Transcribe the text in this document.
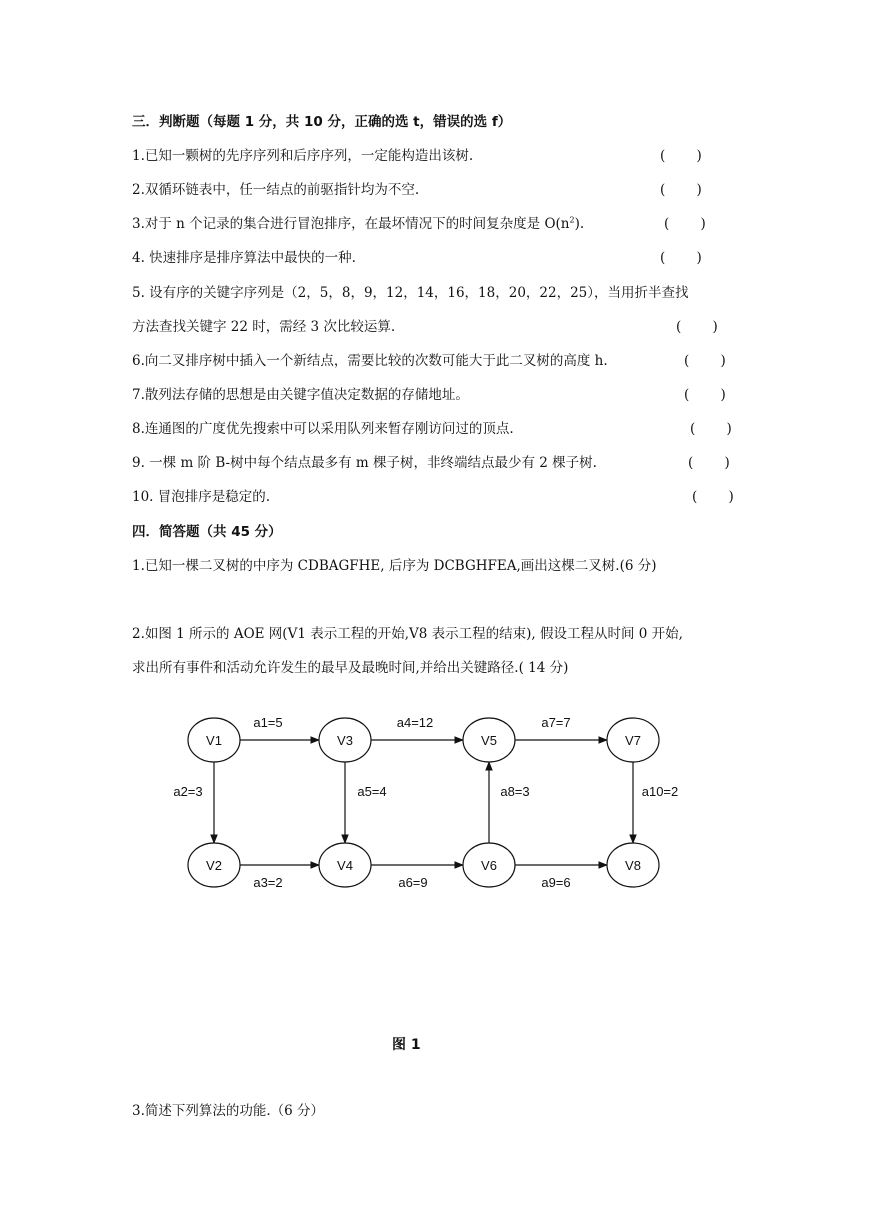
三．判断题（每题 1 分，共 10 分，正确的选 t，错误的选 f）
1.已知一颗树的先序序列和后序序列，一定能构造出该树.	(　　 )
2.双循环链表中，任一结点的前驱指针均为不空.	(　　 )
3.对于 n 个记录的集合进行冒泡排序，在最坏情况下的时间复杂度是 $O(n^2)$.	(　　 )
4. 快速排序是排序算法中最快的一种.	(　　 )
5. 设有序的关键字序列是（2，5，8，9，12，14，16，18，20，22，25），当用折半查找
方法查找关键字 22 时，需经 3 次比较运算.	(　　 )
6.向二叉排序树中插入一个新结点，需要比较的次数可能大于此二叉树的高度 h.	(　　 )
7.散列法存储的思想是由关键字值决定数据的存储地址。	(　　 )
8.连通图的广度优先搜索中可以采用队列来暂存刚访问过的顶点.	(　　 )
9. 一棵 m 阶 B-树中每个结点最多有 m 棵子树，非终端结点最少有 2 棵子树.	(　　 )
10. 冒泡排序是稳定的.	(　　 )
四．简答题（共 45 分）
1.已知一棵二叉树的中序为 CDBAGFHE, 后序为 DCBGHFEA,画出这棵二叉树.(6 分)
2.如图 1 所示的 AOE 网(V1 表示工程的开始,V8 表示工程的结束), 假设工程从时间 0 开始,
求出所有事件和活动允许发生的最早及最晚时间,并给出关键路径.( 14 分)
a1=5
a2=3
a3=2
a4=12
a5=4
a6=9
a7=7
a8=3
a9=6
a10=2
V1
V2
V3
V4
V5
V6
V7
V8
图 1
3.简述下列算法的功能.（6 分）
